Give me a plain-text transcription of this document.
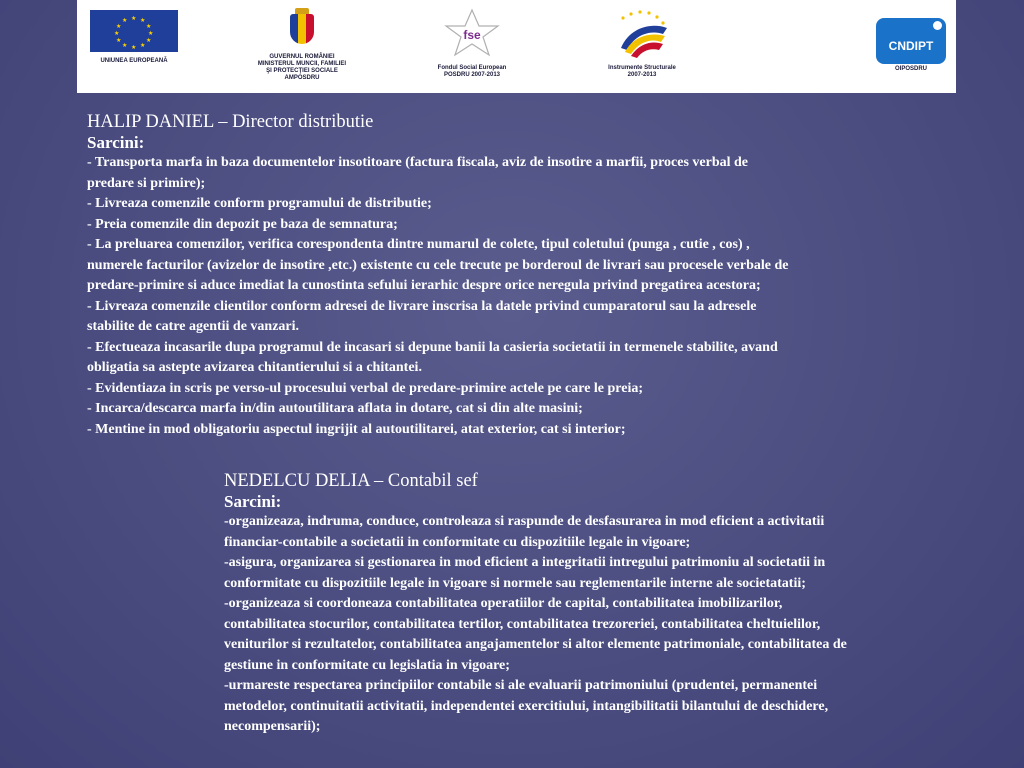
★ ★
★
★
★
★
★
★
★
★
★
★
UNIUNEA EUROPEANĂ
GUVERNUL ROMÂNIEI
MINISTERUL MUNCII, FAMILIEI
ŞI PROTECŢIEI SOCIALE
AMPOSDRU
fse
Fondul Social European
POSDRU 2007-2013
Instrumente Structurale
2007-2013
CNDIPT
OIPOSDRU
HALIP DANIEL – Director distributie
Sarcini:
- Transporta marfa in baza documentelor insotitoare (factura fiscala, aviz de insotire a marfii, proces verbal de
predare si primire);
- Livreaza comenzile conform programului de distributie;
- Preia comenzile din depozit pe baza de semnatura;
- La preluarea comenzilor, verifica corespondenta dintre numarul de colete, tipul coletului (punga , cutie , cos) ,
numerele facturilor (avizelor de insotire ,etc.) existente cu cele trecute pe borderoul de livrari sau procesele verbale de
predare-primire si aduce imediat la cunostinta sefului ierarhic despre orice neregula privind pregatirea acestora;
- Livreaza comenzile clientilor conform adresei de livrare inscrisa la datele privind cumparatorul sau la adresele
stabilite de catre agentii de vanzari.
- Efectueaza incasarile dupa programul de incasari si depune banii la casieria societatii in termenele stabilite, avand
obligatia sa astepte avizarea chitantierului si a chitantei.
- Evidentiaza in scris pe verso-ul procesului verbal de predare-primire actele pe care le preia;
- Incarca/descarca marfa in/din autoutilitara aflata in dotare, cat si din alte masini;
- Mentine in mod obligatoriu aspectul ingrijit al autoutilitarei, atat exterior, cat si interior;
NEDELCU DELIA – Contabil sef
Sarcini:
-organizeaza, indruma, conduce, controleaza si raspunde de desfasurarea in mod eficient a activitatii
financiar-contabile a societatii in conformitate cu dispozitiile legale in vigoare;
-asigura, organizarea si gestionarea in mod eficient a integritatii intregului patrimoniu al societatii in
conformitate cu dispozitiile legale in vigoare si normele sau reglementarile interne ale societatatii;
-organizeaza si coordoneaza contabilitatea operatiilor de capital, contabilitatea imobilizarilor,
contabilitatea stocurilor, contabilitatea tertilor, contabilitatea trezoreriei, contabilitatea cheltuielilor,
veniturilor si rezultatelor, contabilitatea angajamentelor si altor elemente patrimoniale, contabilitatea de
gestiune in conformitate cu legislatia in vigoare;
-urmareste respectarea principiilor contabile si ale evaluarii patrimoniului (prudentei, permanentei
metodelor, continuitatii activitatii, independentei exercitiului, intangibilitatii bilantului de deschidere,
necompensarii);
